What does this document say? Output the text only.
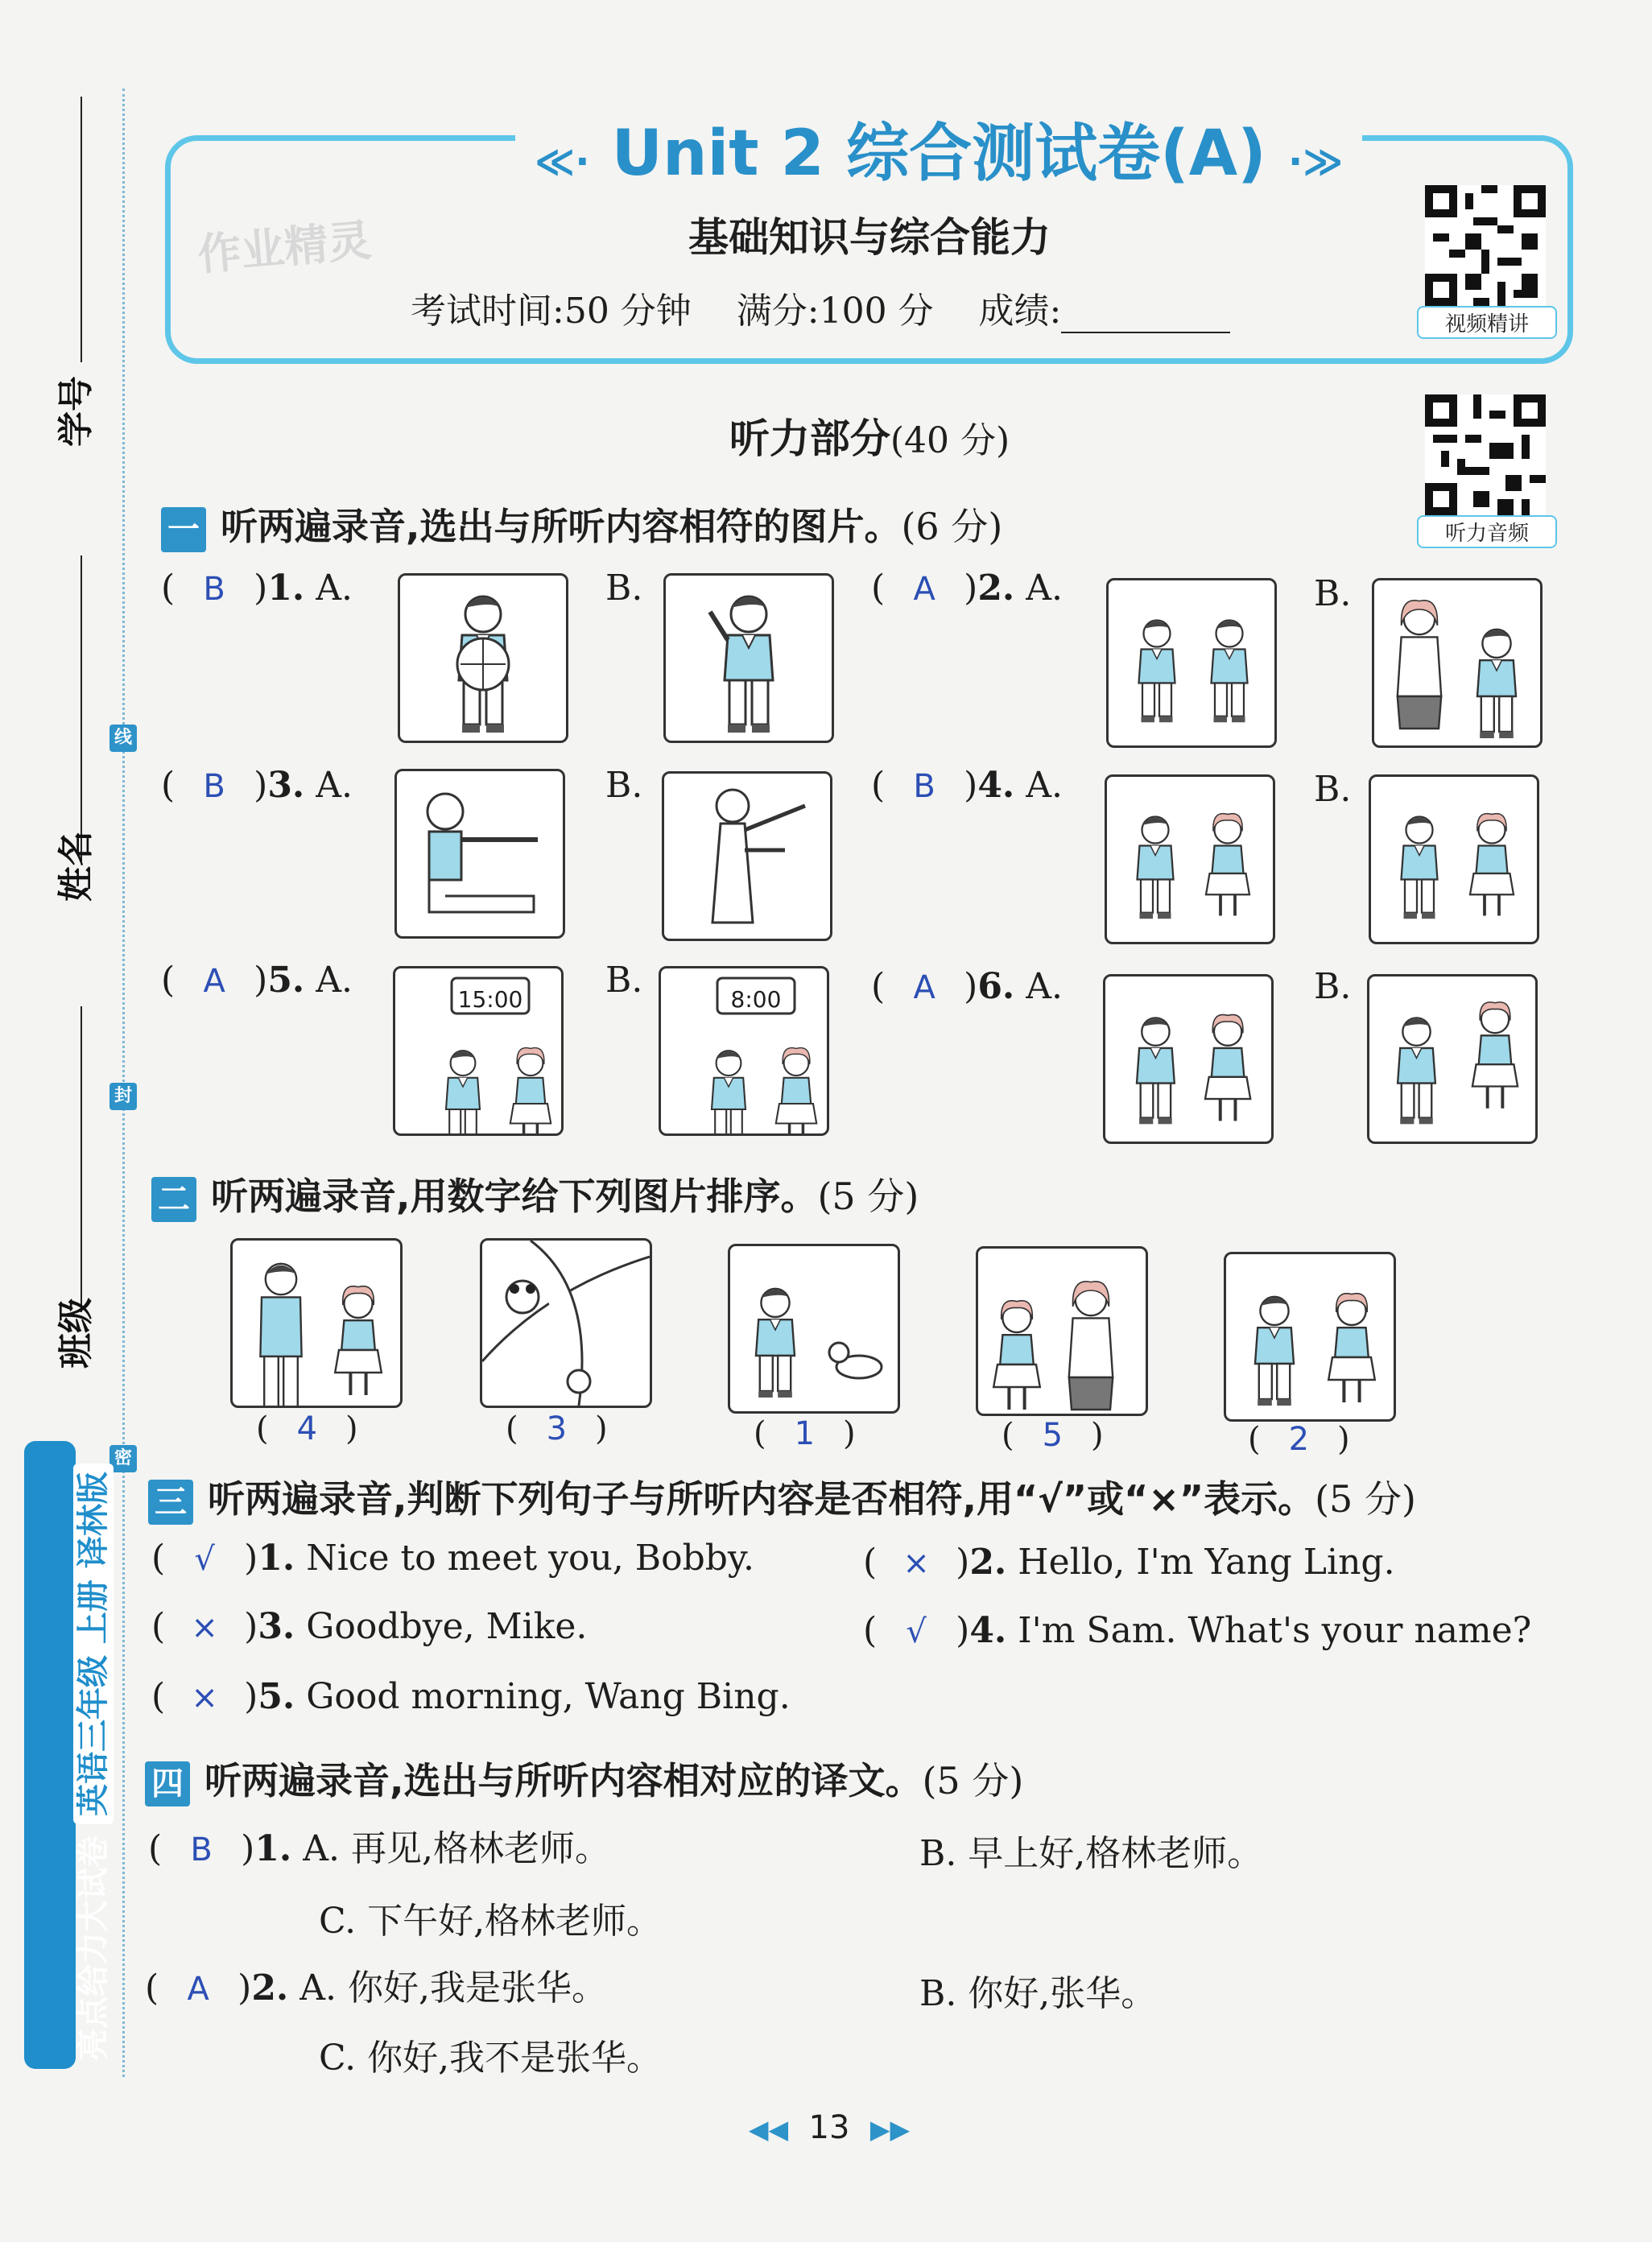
学号
姓名
班级
线
封
密
亮点给力大试卷英语三年级 上册 译林版
≪· Unit 2 综合测试卷(A) ·≫
基础知识与综合能力
作业精灵
考试时间:50 分钟 满分:100 分 成绩:	视频精讲
听力音频
听力部分(40 分)
一 听两遍录音,选出与所听内容相符的图片。(6 分)
( B )1. A.	B.	( A )2. A.	B.
( B )3. A.	B.	( B )4. A.	B.
( A )5. A.	15:00 B.	8:00	( A )6. A.	B.
二 听两遍录音,用数字给下列图片排序。(5 分)
( 4 )	( 3 )	( 1 )	( 5 )	( 2 )
三 听两遍录音,判断下列句子与所听内容是否相符,用“√”或“×”表示。(5 分)
( √ )1. Nice to meet you, Bobby.	( × )2. Hello, I'm Yang Ling.
( × )3. Goodbye, Mike.	( √ )4. I'm Sam. What's your name?
( × )5. Good morning, Wang Bing.
四 听两遍录音,选出与所听内容相对应的译文。(5 分)
( B )1. A. 再见,格林老师。	B. 早上好,格林老师。
C. 下午好,格林老师。
( A )2. A. 你好,我是张华。	B. 你好,张华。
C. 你好,我不是张华。
◀◀ 13 ▶▶
